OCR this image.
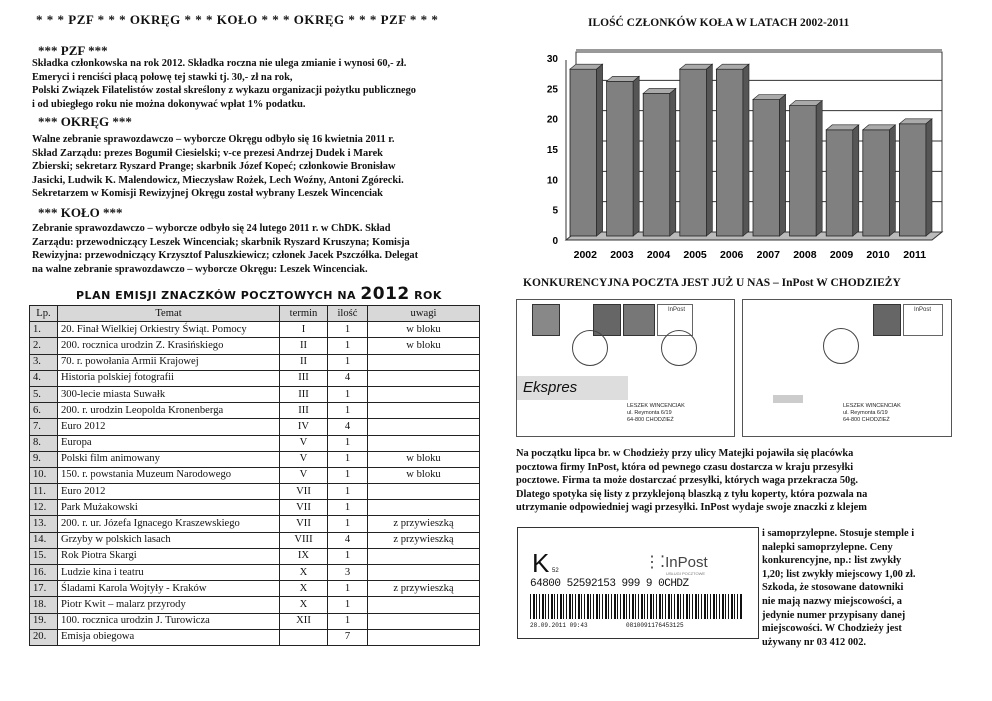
* * * PZF * * * OKRĘG * * * KOŁO * * * OKRĘG * * * PZF * * *
*** PZF ***
Składka członkowska na rok 2012. Składka roczna nie ulega zmianie i wynosi 60,- zł.
Emeryci i renciści płacą połowę tej stawki tj. 30,- zł na rok,
Polski Związek Filatelistów został skreślony z wykazu organizacji pożytku publicznego
i od ubiegłego roku nie można dokonywać wpłat 1% podatku.
*** OKRĘG ***
Walne zebranie sprawozdawczo – wyborcze Okręgu odbyło się 16 kwietnia 2011 r.
Skład Zarządu: prezes Bogumił Ciesielski; v-ce prezesi Andrzej Dudek i Marek
Zbierski; sekretarz Ryszard Prange; skarbnik Józef Kopeć; członkowie Bronisław
Jasicki, Ludwik K. Malendowicz, Mieczysław Rożek, Lech Woźny, Antoni Zgórecki.
Sekretarzem w Komisji Rewizyjnej Okręgu został wybrany Leszek Wincenciak
*** KOŁO ***
Zebranie sprawozdawczo – wyborcze odbyło się 24 lutego 2011 r. w ChDK. Skład
Zarządu: przewodniczący Leszek Wincenciak; skarbnik Ryszard Kruszyna; Komisja
Rewizyjna: przewodniczący Krzysztof Paluszkiewicz; członek Jacek Pszczółka. Delegat
na walne zebranie sprawozdawczo – wyborcze Okręgu: Leszek Wincenciak.
PLAN EMISJI ZNACZKÓW POCZTOWYCH NA 2012 ROK
Lp.	Temat	termin	ilość	uwagi
1.	20. Finał Wielkiej Orkiestry Świąt. Pomocy	I	1	w bloku
2.	200. rocznica urodzin Z. Krasińskiego	II	1	w bloku
3.	70. r. powołania Armii Krajowej	II	1	
4.	Historia polskiej fotografii	III	4	
5.	300-lecie miasta Suwałk	III	1	
6.	200. r. urodzin Leopolda Kronenberga	III	1	
7.	Euro 2012	IV	4	
8.	Europa	V	1	
9.	Polski film animowany	V	1	w bloku
10.	150. r. powstania Muzeum Narodowego	V	1	w bloku
11.	Euro 2012	VII	1	
12.	Park Mużakowski	VII	1	
13.	200. r. ur. Józefa Ignacego Kraszewskiego	VII	1	z przywieszką
14.	Grzyby w polskich lasach	VIII	4	z przywieszką
15.	Rok Piotra Skargi	IX	1	
16.	Ludzie kina i teatru	X	3	
17.	Śladami Karola Wojtyły - Kraków	X	1	z przywieszką
18.	Piotr Kwit – malarz przyrody	X	1	
19.	100. rocznica urodzin J. Turowicza	XII	1	
20.	Emisja obiegowa		7	
ILOŚĆ CZŁONKÓW KOŁA W LATACH 2002-2011
0
5
10
15
20
25
30
2002 2003 2004 2005 2006 2007 2008 2009 2010 2011
KONKURENCYJNA POCZTA JEST JUŻ U NAS – InPost W CHODZIEŻY
InPost
Ekspres
LESZEK WINCENCIAK
ul. Reymonta 6/19
64-800 CHODZIEŻ
InPost
LESZEK WINCENCIAK
ul. Reymonta 6/19
64-800 CHODZIEŻ
Na początku lipca br. w Chodzieży przy ulicy Matejki pojawiła się placówka
pocztowa firmy InPost, która od pewnego czasu dostarcza w kraju przesyłki
pocztowe. Firma ta może dostarczać przesyłki, których waga przekracza 50g.
Dlatego spotyka się listy z przyklejoną blaszką z tyłu koperty, która pozwala na
utrzymanie odpowiedniej wagi przesyłki. InPost wydaje swoje znaczki z klejem
K 52	⋮⁚InPost
USŁUGI POCZTOWE
64800 52592153 999 9 0CHDZ
28.09.2011 09:43	0810091176453125
i samoprzylepne. Stosuje stemple i
nalepki samoprzylepne. Ceny
konkurencyjne, np.: list zwykły
1,20; list zwykły miejscowy 1,00 zł.
Szkoda, że stosowane datowniki
nie mają nazwy miejscowości, a
jedynie numer przypisany danej
miejscowości. W Chodzieży jest
używany nr 03 412 002.
